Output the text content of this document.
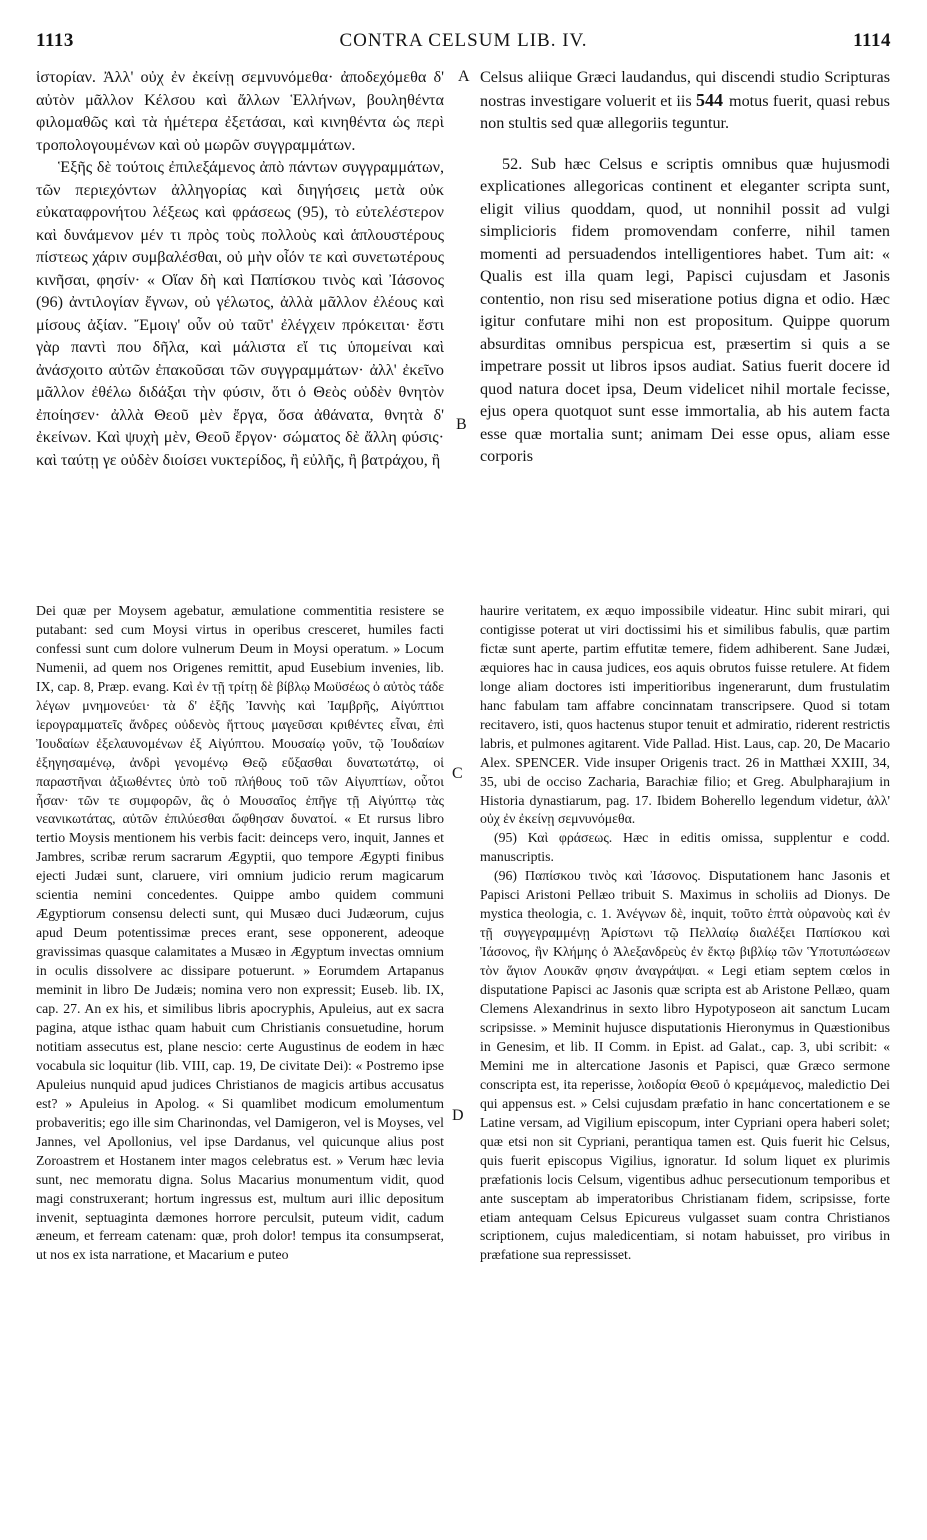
1113	CONTRA CELSUM LIB. IV.	1114
A
B
C
D

ἱστορίαν. Ἀλλ' οὐχ ἐν ἐκείνῃ σεμνυνόμεθα· ἀποδεχόμεθα δ' αὐτὸν μᾶλλον Κέλσου καὶ ἄλλων Ἑλλήνων, βουληθέντα φιλομαθῶς καὶ τὰ ἡμέτερα ἐξετάσαι, καὶ κινηθέντα ὡς περὶ τροπολογουμένων καὶ οὐ μωρῶν συγγραμμάτων.

Ἑξῆς δὲ τούτοις ἐπιλεξάμενος ἀπὸ πάντων συγγραμμάτων, τῶν περιεχόντων ἀλληγορίας καὶ διηγήσεις μετὰ οὐκ εὐκαταφρονήτου λέξεως καὶ φράσεως (95), τὸ εὐτελέστερον καὶ δυνάμενον μέν τι πρὸς τοὺς πολλοὺς καὶ ἁπλουστέρους πίστεως χάριν συμβαλέσθαι, οὐ μὴν οἷόν τε καὶ συνετωτέρους κινῆσαι, φησίν· « Οἵαν δὴ καὶ Παπίσκου τινὸς καὶ Ἰάσονος (96) ἀντιλογίαν ἔγνων, οὐ γέλωτος, ἀλλὰ μᾶλλον ἐλέους καὶ μίσους ἀξίαν. Ἔμοιγ' οὖν οὐ ταῦτ' ἐλέγχειν πρόκειται· ἔστι γὰρ παντὶ που δῆλα, καὶ μάλιστα εἴ τις ὑπομείναι καὶ ἀνάσχοιτο αὐτῶν ἐπακοῦσαι τῶν συγγραμμάτων· ἀλλ' ἐκεῖνο μᾶλλον ἐθέλω διδάξαι τὴν φύσιν, ὅτι ὁ Θεὸς οὐδὲν θνητὸν ἐποίησεν· ἀλλὰ Θεοῦ μὲν ἔργα, ὅσα ἀθάνατα, θνητὰ δ' ἐκείνων. Καὶ ψυχὴ μὲν, Θεοῦ ἔργον· σώματος δὲ ἄλλη φύσις· καὶ ταύτῃ γε οὐδὲν διοίσει νυκτερίδος, ἢ εὐλῆς, ἢ βατράχου, ἢ

Celsus aliique Græci laudandus, qui discendi studio Scripturas nostras investigare voluerit et iis 544 motus fuerit, quasi rebus non stultis sed quæ allegoriis teguntur.

52. Sub hæc Celsus e scriptis omnibus quæ hujusmodi explicationes allegoricas continent et eleganter scripta sunt, eligit vilius quoddam, quod, ut nonnihil possit ad vulgi simplicioris fidem promovendam conferre, nihil tamen momenti ad persuadendos intelligentiores habet. Tum ait: « Qualis est illa quam legi, Papisci cujusdam et Jasonis contentio, non risu sed miseratione potius digna et odio. Hæc igitur confutare mihi non est propositum. Quippe quorum absurditas omnibus perspicua est, præsertim si quis a se impetrare possit ut libros ipsos audiat. Satius fuerit docere id quod natura docet ipsa, Deum videlicet nihil mortale fecisse, ejus opera quotquot sunt esse immortalia, ab his autem facta esse quæ mortalia sunt; animam Dei esse opus, aliam esse corporis

Dei quæ per Moysem agebatur, æmulatione commentitia resistere se putabant: sed cum Moysi virtus in operibus cresceret, humiles facti confessi sunt cum dolore vulnerum Deum in Moysi operatum. » Locum Numenii, ad quem nos Origenes remittit, apud Eusebium invenies, lib. IX, cap. 8, Præp. evang. Καὶ ἐν τῇ τρίτῃ δὲ βίβλῳ Μωϋσέως ὁ αὐτὸς τάδε λέγων μνημονεύει· τὰ δ' ἑξῆς Ἰαννὴς καὶ Ἰαμβρῆς, Αἰγύπτιοι ἱερογραμματεῖς ἄνδρες οὐδενὸς ἥττους μαγεῦσαι κριθέντες εἶναι, ἐπὶ Ἰουδαίων ἐξελαυνομένων ἐξ Αἰγύπτου. Μουσαίῳ γοῦν, τῷ Ἰουδαίων ἐξηγησαμένῳ, ἀνδρὶ γενομένῳ Θεῷ εὔξασθαι δυνατωτάτῳ, οἱ παραστῆναι ἀξιωθέντες ὑπὸ τοῦ πλήθους τοῦ τῶν Αἰγυπτίων, οὗτοι ἦσαν· τῶν τε συμφορῶν, ἃς ὁ Μουσαῖος ἐπῆγε τῇ Αἰγύπτῳ τὰς νεανικωτάτας, αὐτῶν ἐπιλύεσθαι ὤφθησαν δυνατοί. « Et rursus libro tertio Moysis mentionem his verbis facit: deinceps vero, inquit, Jannes et Jambres, scribæ rerum sacrarum Ægyptii, quo tempore Ægypti finibus ejecti Judæi sunt, claruere, viri omnium judicio rerum magicarum scientia nemini concedentes. Quippe ambo quidem communi Ægyptiorum consensu delecti sunt, qui Musæo duci Judæorum, cujus apud Deum potentissimæ preces erant, sese opponerent, adeoque gravissimas quasque calamitates a Musæo in Ægyptum invectas omnium in oculis dissolvere ac dissipare potuerunt. » Eorumdem Artapanus meminit in libro De Judæis; nomina vero non expressit; Euseb. lib. IX, cap. 27. An ex his, et similibus libris apocryphis, Apuleius, aut ex sacra pagina, atque isthac quam habuit cum Christianis consuetudine, horum notitiam assecutus est, plane nescio: certe Augustinus de eodem in hæc vocabula sic loquitur (lib. VIII, cap. 19, De civitate Dei): « Postremo ipse Apuleius nunquid apud judices Christianos de magicis artibus accusatus est? » Apuleius in Apolog. « Si quamlibet modicum emolumentum probaveritis; ego ille sim Charinondas, vel Damigeron, vel is Moyses, vel Jannes, vel Apollonius, vel ipse Dardanus, vel quicunque alius post Zoroastrem et Hostanem inter magos celebratus est. » Verum hæc levia sunt, nec memoratu digna. Solus Macarius monumentum vidit, quod magi construxerant; hortum ingressus est, multum auri illic depositum invenit, septuaginta dæmones horrore perculsit, puteum vidit, cadum æneum, et ferream catenam: quæ, proh dolor! tempus ita consumpserat, ut nos ex ista narratione, et Macarium e puteo

haurire veritatem, ex æquo impossibile videatur. Hinc subit mirari, qui contigisse poterat ut viri doctissimi his et similibus fabulis, quæ partim fictæ sunt aperte, partim effutitæ temere, fidem adhiberent. Sane Judæi, æquiores hac in causa judices, eos aquis obrutos fuisse retulere. At fidem longe aliam doctores isti imperitioribus ingenerarunt, dum frustulatim hanc fabulam tam affabre concinnatam transcripsere. Quod si totam recitavero, isti, quos hactenus stupor tenuit et admiratio, riderent restrictis labris, et pulmones agitarent. Vide Pallad. Hist. Laus, cap. 20, De Macario Alex. SPENCER. Vide insuper Origenis tract. 26 in Matthæi XXIII, 34, 35, ubi de occiso Zacharia, Barachiæ filio; et Greg. Abulpharajium in Historia dynastiarum, pag. 17. Ibidem Boherello legendum videtur, ἀλλ' οὐχ ἐν ἐκείνῃ σεμνυνόμεθα.

(95) Καὶ φράσεως. Hæc in editis omissa, supplentur e codd. manuscriptis.

(96) Παπίσκου τινὸς καὶ Ἰάσονος. Disputationem hanc Jasonis et Papisci Aristoni Pellæo tribuit S. Maximus in scholiis ad Dionys. De mystica theologia, c. 1. Ἀνέγνων δὲ, inquit, τοῦτο ἑπτὰ οὐρανοὺς καὶ ἐν τῇ συγγεγραμμένῃ Ἀρίστωνι τῷ Πελλαίῳ διαλέξει Παπίσκου καὶ Ἰάσονος, ἣν Κλήμης ὁ Ἀλεξανδρεὺς ἐν ἕκτῳ βιβλίῳ τῶν Ὑποτυπώσεων τὸν ἅγιον Λουκᾶν φησιν ἀναγράψαι. « Legi etiam septem cœlos in disputatione Papisci ac Jasonis quæ scripta est ab Aristone Pellæo, quam Clemens Alexandrinus in sexto libro Hypotyposeon ait sanctum Lucam scripsisse. » Meminit hujusce disputationis Hieronymus in Quæstionibus in Genesim, et lib. II Comm. in Epist. ad Galat., cap. 3, ubi scribit: « Memini me in altercatione Jasonis et Papisci, quæ Græco sermone conscripta est, ita reperisse, λοιδορία Θεοῦ ὁ κρεμάμενος, maledictio Dei qui appensus est. » Celsi cujusdam præfatio in hanc concertationem e se Latine versam, ad Vigilium episcopum, inter Cypriani opera haberi solet; quæ etsi non sit Cypriani, perantiqua tamen est. Quis fuerit hic Celsus, quis fuerit episcopus Vigilius, ignoratur. Id solum liquet ex plurimis præfationis locis Celsum, vigentibus adhuc persecutionum temporibus et ante susceptam ab imperatoribus Christianam fidem, scripsisse, forte etiam antequam Celsus Epicureus vulgasset suam contra Christianos scriptionem, cujus maledicentiam, si notam habuisset, pro viribus in præfatione sua repressisset.
